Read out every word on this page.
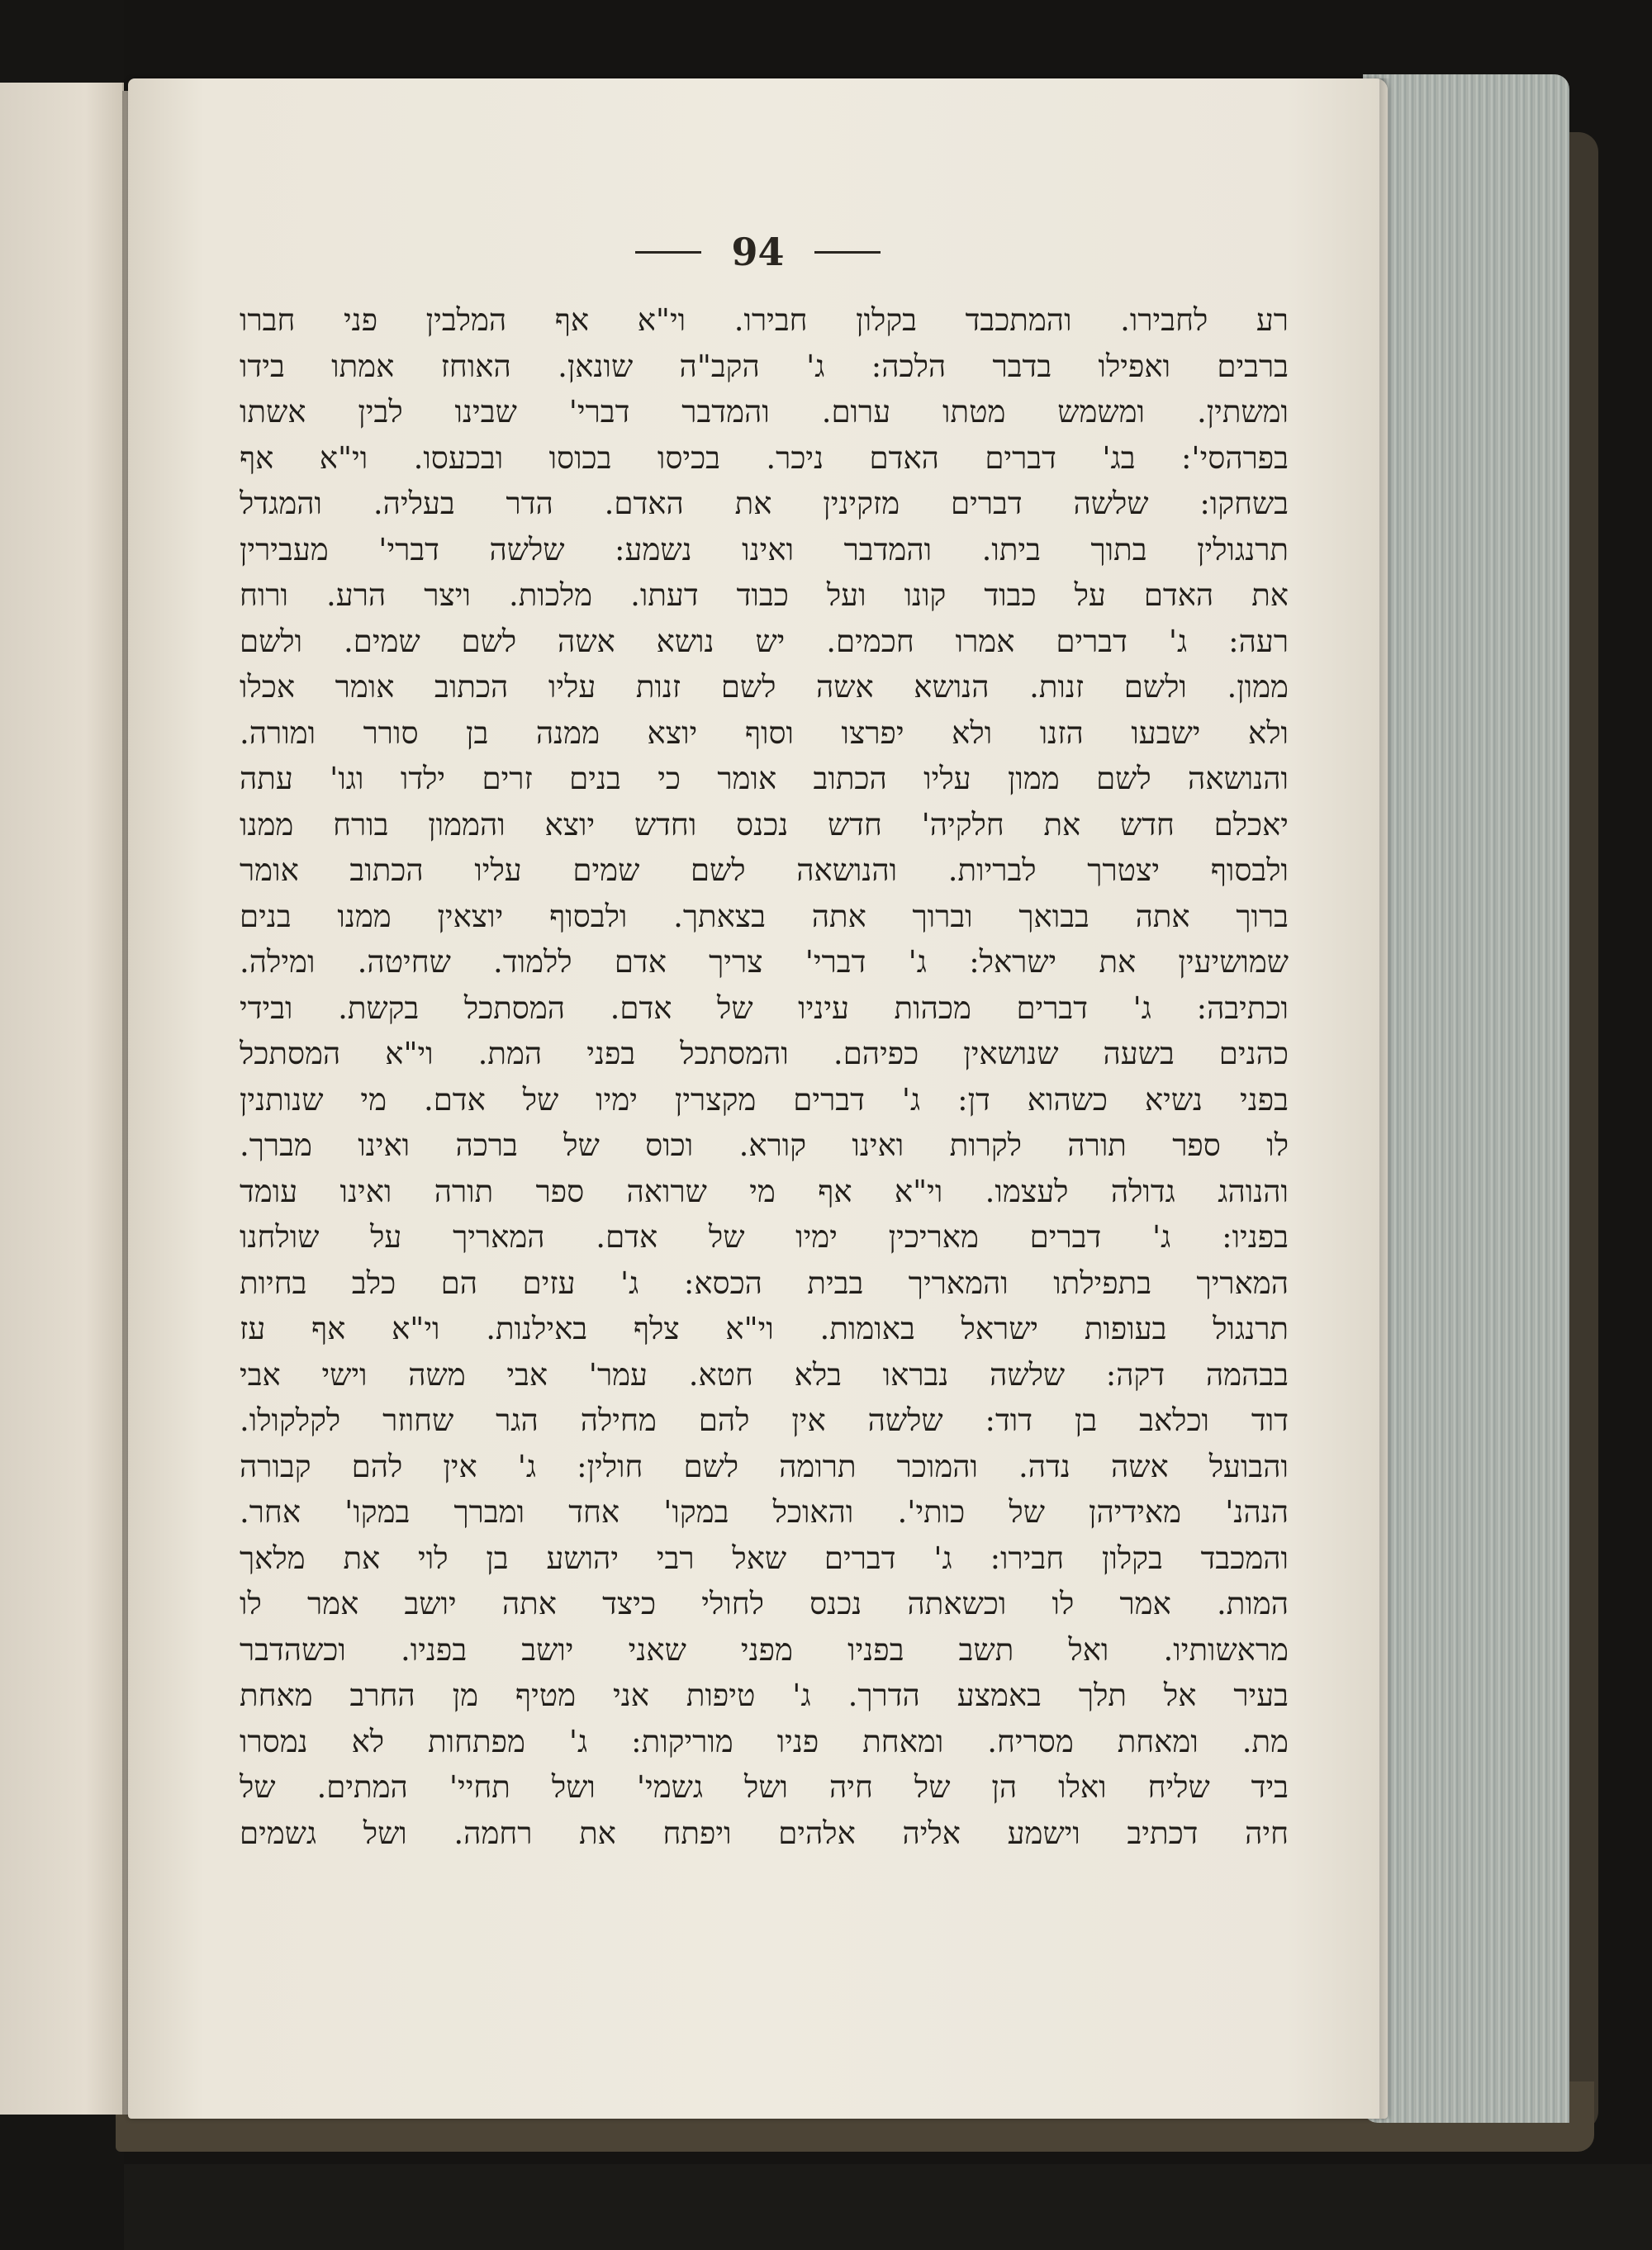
94
רע לחבירו. והמתכבד בקלון חבירו. וי"א אף המלבין פני חברו
ברבים ואפילו בדבר הלכה: ג' הקב"ה שונאן. האוחז אמתו בידו
ומשתין. ומשמש מטתו ערום. והמדבר דברי' שבינו לבין אשתו
בפרהסי': בג' דברים האדם ניכר. בכיסו בכוסו ובכעסו. וי"א אף
בשחקו: שלשה דברים מזקינין את האדם. הדר בעליה. והמגדל
תרנגולין בתוך ביתו. והמדבר ואינו נשמע: שלשה דברי' מעבירין
את האדם על כבוד קונו ועל כבוד דעתו. מלכות. ויצר הרע. ורוח
רעה: ג' דברים אמרו חכמים. יש נושא אשה לשם שמים. ולשם
ממון. ולשם זנות. הנושא אשה לשם זנות עליו הכתוב אומר אכלו
ולא ישבעו הזנו ולא יפרצו וסוף יוצא ממנה בן סורר ומורה.
והנושאה לשם ממון עליו הכתוב אומר כי בנים זרים ילדו וגו' עתה
יאכלם חדש את חלקיה' חדש נכנס וחדש יוצא והממון בורח ממנו
ולבסוף יצטרך לבריות. והנושאה לשם שמים עליו הכתוב אומר
ברוך אתה בבואך וברוך אתה בצאתך. ולבסוף יוצאין ממנו בנים
שמושיעין את ישראל: ג' דברי' צריך אדם ללמוד. שחיטה. ומילה.
וכתיבה: ג' דברים מכהות עיניו של אדם. המסתכל בקשת. ובידי
כהנים בשעה שנושאין כפיהם. והמסתכל בפני המת. וי"א המסתכל
בפני נשיא כשהוא דן: ג' דברים מקצרין ימיו של אדם. מי שנותנין
לו ספר תורה לקרות ואינו קורא. וכוס של ברכה ואינו מברך.
והנוהג גדולה לעצמו. וי"א אף מי שרואה ספר תורה ואינו עומד
בפניו: ג' דברים מאריכין ימיו של אדם. המאריך על שולחנו
המאריך בתפילתו והמאריך בבית הכסא: ג' עזים הם כלב בחיות
תרנגול בעופות ישראל באומות. וי"א צלף באילנות. וי"א אף עז
בבהמה דקה: שלשה נבראו בלא חטא. עמר' אבי משה וישי אבי
דוד וכלאב בן דוד: שלשה אין להם מחילה הגר שחוזר לקלקולו.
והבועל אשה נדה. והמוכר תרומה לשם חולין: ג' אין להם קבורה
הנהנ' מאידיהן של כותי'. והאוכל במקו' אחד ומברך במקו' אחר.
והמכבד בקלון חבירו: ג' דברים שאל רבי יהושע בן לוי את מלאך
המות. אמר לו וכשאתה נכנס לחולי כיצד אתה יושב אמר לו
מראשותיו. ואל תשב בפניו מפני שאני יושב בפניו. וכשהדבר
בעיר אל תלך באמצע הדרך. ג' טיפות אני מטיף מן החרב מאחת
מת. ומאחת מסריח. ומאחת פניו מוריקות: ג' מפתחות לא נמסרו
ביד שליח ואלו הן של חיה ושל גשמי' ושל תחיי' המתים. של
חיה דכתיב וישמע אליה אלהים ויפתח את רחמה. ושל גשמים
